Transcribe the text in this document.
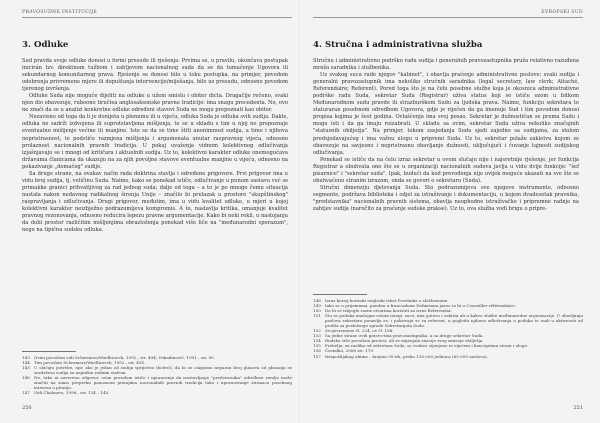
PRAVOSUDNE INSTITUCIJE
3. Odluke

Sud pravda svoje odluke donosi u formi presude ili rješenja. Prvima se, u pravilu, okončava postupak inicirán tzv. direktnom tužbom i zahtjevom nacionalnog suda da se da tumačenje Ugovora ili sekundarnog komunitarnog prava. Rješenje se donosi bilo u toku postupka, na primjer, povodom odobrenja privremene mjere ili dopuštanja intervencije/miješanja, bilo uz presudu, odnosno povodom tjerenog izvršenja.

Odluke Suda nije moguće dijeliti na odluke u užem smislu i obiter dicta. Dragačije rečeno, svaki njen dio obavezuje, ruboono tiručiea anglosaksonske pravne tradicije: ima snagu precedenta. No, ovo ne znači da se u analizi konkretne odluke određeni stavovi Suda ne mogu prepoznati kao obiter.

Nezavisno od toga da li je donijeta u plenumu ili u vijeću, odluka Suda je odluka svih sudija. Dakle, odluka ne sadrži izdvojena ili suprotstavljena mišljenja, te se u skladu s tim u njoj ne prepoznaje eventualno mišljenje većine ili manjine. Iste se da se time štiti anonimnost sudija, a time i njihova nepristrasnost, te podstiče razmjena mišljenja i argumenata unutar raspravnog vijeća, odnosno prolaznost nacionalnih pravnih tradicija. U pokaj uvaženja vidnom kolektivnog odlučivanja izjašnjavaju se i mnogi od kritičara i aktuelnih sudija. Uz to, kolektivni karakter odluke onemogućava državama članicama da ukazuju na za njih povoljne stavove eventualne manjine u vijeću, odnosno na pokazivanje „domaćeg" sudije.

Sa druge strane, na ovakav način rada doktrina stavlja i određene prigovore. Prvi prigovor ima u vidu broj sudija, tj. veličinu Suda. Naime, kako se ponekad ističe, odlučivanje u punom sastavu već se primakko granici prihvatljivog za rad jednog suda; dalje od toga – a to je po mnogo čemu situacija nastala nakon nedavnog radikalnog širenja Unije – značilo bi prelazak u prostore "skupštinskog" raspravljanja i odlučivanja. Drugi prigovor, međutim, ima u vidu kvalitet odluke, u mjeri u kojoj kolektivni karakter neizbježno podrazumijeva kompromis. A to, nastavlja kritika, umanjuje kvalitet pravnog rezonovanja, odnosno reducira lepezu pravne argumentacije. Kako bi neki rekli, u nastojanju da dobi prostor različitim mišljenjima obrazloženja ponekad više liče na "međunarodni sporazum", nego na tipičnu sudsku odluku.

143	Ovim povodom vidi Schermers/Waelbroeck, 1992., str. 494; Vukadinović, 1991., str. 90.
144	Tim povodom Schermers/Waelbroeck, 1992., str. 495.
145	U slučaju potrebe, npr. ako je jedan od sudija spriječen (bolest), da bi se osiguran neparan broj glasova od glasanja se suzdržava sudija sa najnižim radnim stažom.
146	Ne, tako ni suverenu odgovor, ovim povodom ističe i upozorenja da izostavljanje "predstavnika" određene zemlje može značiti na samo prepreku panosnom pitanjima nacionalnih pravnih tradicija tako i upozoravanje stranaca posebnog interesa u pitanju.
147	Vidi Chalmers, 1998., str. 134 – 140.
250
EVROPSKI SUD
4. Stručna i administrativna služba

Stručnu i administrativnu podršku radu sudija i generalnih pravozastupnika pruža relativno razuđena mreža saradnika i službenika.

Uz svakog suca rade njegov "kabinet", i obavlja praćenje administrativne poslove; svaki sudija i generalni pravozastupnik ima nekoliko stručnih saradnika (legal secretary, law clerk; Attaché, Referendaire; Referent). Pored toga što je na čelu posebne službe koja je okosnica administrativne podrške radu Suda, sekretar Suda (Registrar) uživa status koji se ističe ozom u bitkom Međunarodnom sudu pravde ili strazburškom Sudu za ljudska prava. Naime, funkciju sekretara te staturaran posebnom odredbom Ugovora, gdje je riječen da ga imenuje Sud i tim povodom donosi propisa kojima je šest godina. Ovlašćenja ima svoj posao. Sekretar je dužnostičan se prema Sudu i mogu isti i da ga imaju reizabrati. U skladu sa ovim, sekretar Suda uživa nekoliko značajnih "statusnih obilježja". Na primjer, tokom zasjedanja Suda sjedi zajedno sa sudijama, za stolom predsjedavajućeg i ima važnu ulogu u pripremi Suda. Uz to, sekretar polaže zakletvu kojom se obavezuje na savjesno i nepristrasno obavljanje dužnosti, uključujući i čuvanje tajnosti sudijskog odlučivanja.

Ponekad se ističe da na čelu izraz sekretar u ovom slučaju nije i najsretnije rješenje, jer funkcija Registrar a obuhvata ono što se u organizaciji nacionalnih sudova javlja u vidu dvije funkcije: "šef pisarnice" i "sekretar suda". Ipak, budući da kod prevođenja nije uvijek moguće ukazati na sve što se obuhvaćeno stranim izrazom, onda se govori o sekretaru (Suda).

Stručni dimenziju djelovanja Suda. Sto podrazumijeva sve njegove instrumente, odnosno segmente, podržava biblioteka i odjel za istraživanje i dokumentaciju, u kojem dvadesetak pravnika, "predstavnika" nacionalnih pravnih sistema, obavlja neophodne istraživačke i pripremne radnje na zahtjev sudija (naročito za praćenje sudske prakse). Uz to, ova služba vodi brigu o pripre-

148	Izraz koreg koreniti engleski tekst Povelnika o službenomu.
149	Iako se u prijemama, pandan u francuskom Definiranu jasno ta bi u Conseiller référendaire.
150	Da bi se izbjegle razne stvarima koristiti za izraz Referendar.
151	Što se poduka analogan ostom izrogi, zuce, ima gotovo i sakrita ali u kakve službe međunarodne organizacije. U obavljanju poslova sekretara ponavlja se, i pokrivaju se za referent, u pogledu njihova odlučivanja u poduka te razli u aktivnosti od profila sa posluženju zgrade Sekretarijata Suda.
152	Svojevremeno čl. 224, ce čl. 188.
153	Sa jedne strane ovih gatovo-ima pravozastupnika, a sa druge sekretar Suda.
154	Rudzha više povodom protest, ali se mijenjala znacije zvog smisoja obilježja.
155	Prebelju, za razliku od sekretara Suda, se ovakve cijenjeno to vijećem i konceptima strani i uloge.
156	Čestalko, 2006 str. 170.
157	Rezpošiljakog obima – krajem 90-tih, preko 130.000 jedinica (65.000 naslova).
251
